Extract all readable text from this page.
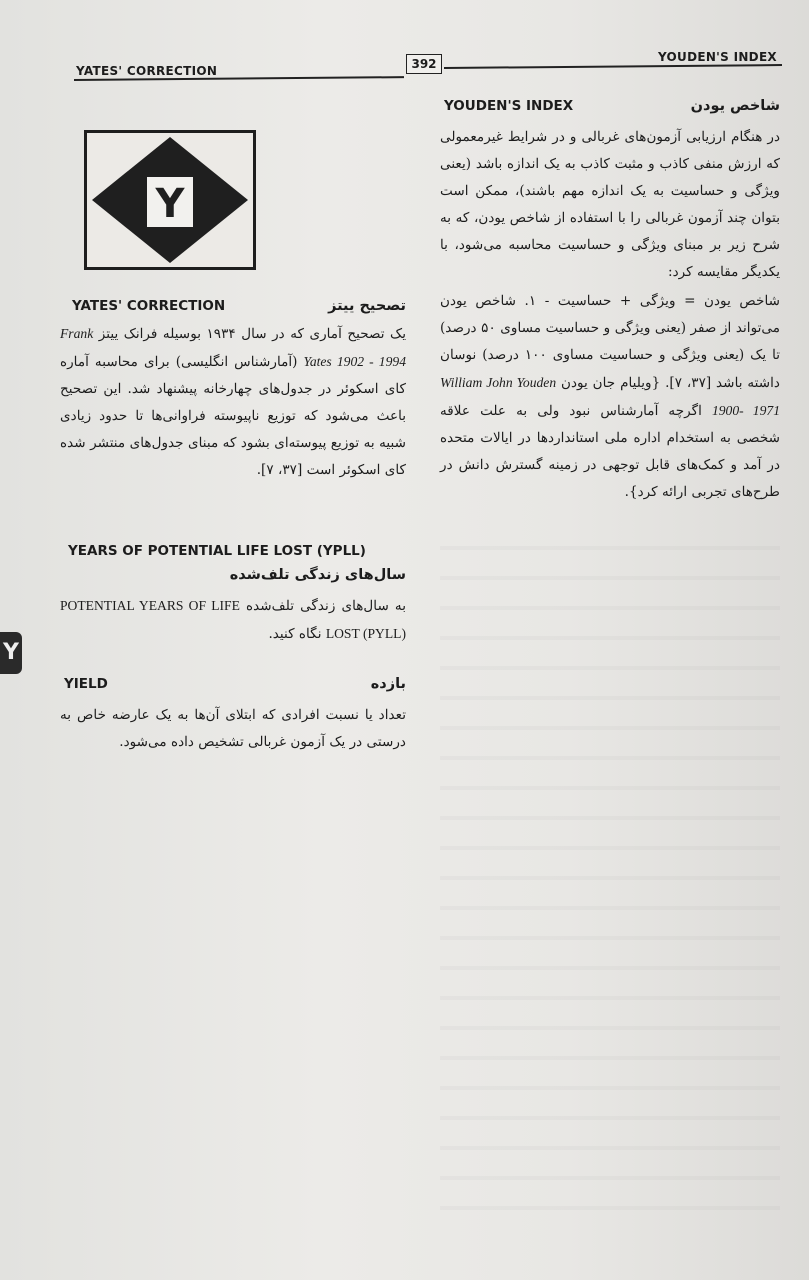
YATES' CORRECTION	392	YOUDEN'S INDEX
Y
Y
YOUDEN'S INDEX	شاخص یودن

در هنگام ارزیابی آزمون‌های غربالی و در شرایط غیرمعمولی که ارزش منفی کاذب و مثبت کاذب به یک اندازه باشد (یعنی ویژگی و حساسیت به یک اندازه مهم باشند)، ممکن است بتوان چند آزمون غربالی را با استفاده از شاخص یودن، که به شرح زیر بر مبنای ویژگی و حساسیت محاسبه می‌شود، با یکدیگر مقایسه کرد:

شاخص یودن = ویژگی + حساسیت - ۱. شاخص یودن می‌تواند از صفر (یعنی ویژگی و حساسیت مساوی ۵۰ درصد) تا یک (یعنی ویژگی و حساسیت مساوی ۱۰۰ درصد) نوسان داشته باشد [۳۷، ۷]. {ویلیام جان یودن William John Youden 1900- 1971 اگرچه آمارشناس نبود ولی به علت علاقه شخصی به استخدام اداره ملی استانداردها در ایالات متحده در آمد و کمک‌های قابل توجهی در زمینه گسترش دانش در طرح‌های تجربی ارائه کرد}.

YATES' CORRECTION	تصحیح ییتز

یک تصحیح آماری که در سال ۱۹۳۴ بوسیله فرانک ییتز Frank Yates 1902 - 1994 (آمارشناس انگلیسی) برای محاسبه آماره کای اسکوئر در جدول‌های چهارخانه پیشنهاد شد. این تصحیح باعث می‌شود که توزیع ناپیوسته فراوانی‌ها تا حدود زیادی شبیه به توزیع پیوسته‌ای بشود که مبنای جدول‌های منتشر شده کای اسکوئر است [۳۷، ۷].

YEARS OF POTENTIAL LIFE LOST (YPLL)
سال‌های زندگی تلف‌شده

به سال‌های زندگی تلف‌شده POTENTIAL YEARS OF LIFE LOST (PYLL) نگاه کنید.

YIELD	بازده

تعداد یا نسبت افرادی که ابتلای آن‌ها به یک عارضه خاص به درستی در یک آزمون غربالی تشخیص داده می‌شود.
